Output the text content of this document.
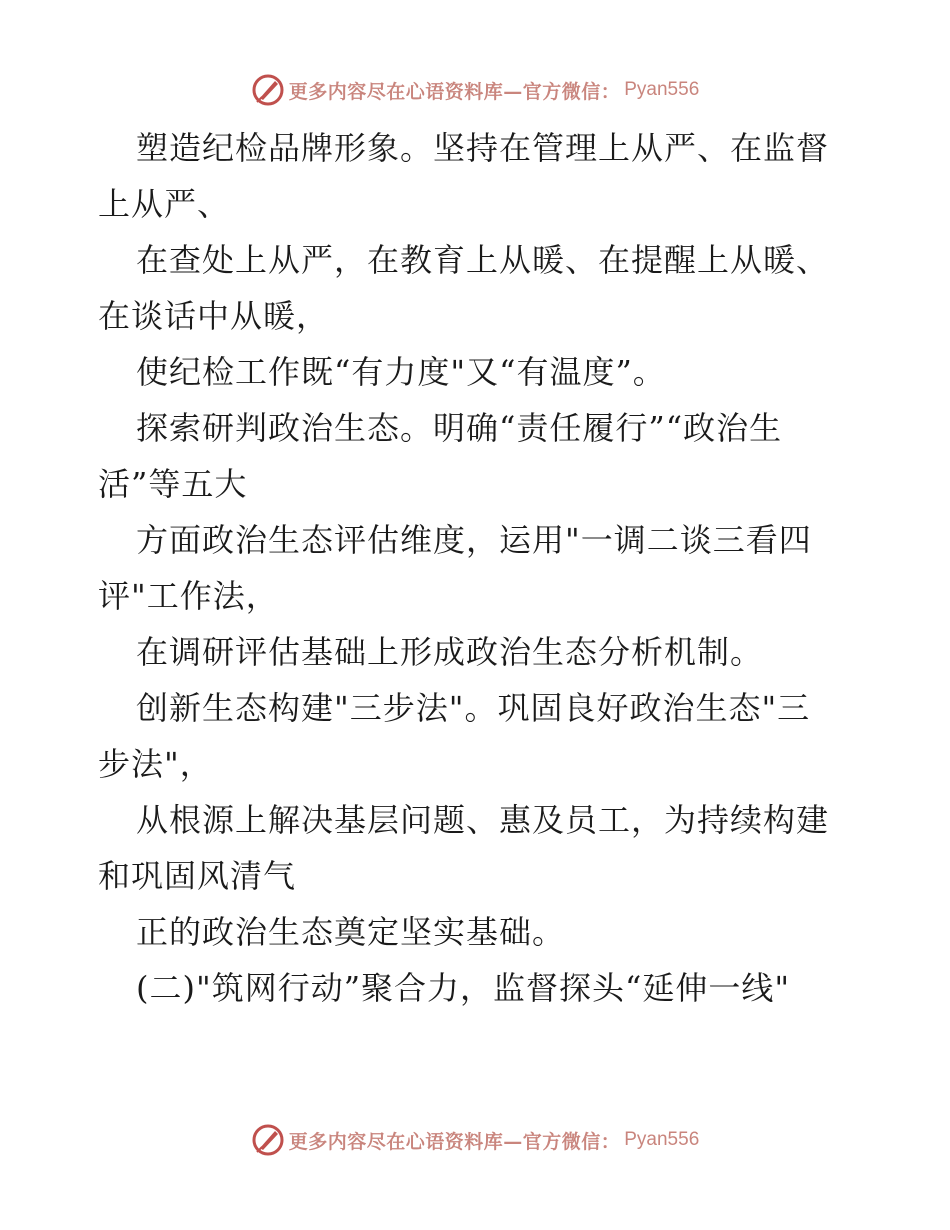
更多内容尽在心语资料库—官方微信： Pyan556
塑造纪检品牌形象。坚持在管理上从严、在监督
上从严、
在查处上从严，在教育上从暖、在提醒上从暖、
在谈话中从暖，
使纪检工作既“有力度"又“有温度”。
探索研判政治生态。明确“责任履行”“政治生
活”等五大
方面政治生态评估维度，运用"一调二谈三看四
评"工作法，
在调研评估基础上形成政治生态分析机制。
创新生态构建"三步法"。巩固良好政治生态"三
步法"，
从根源上解决基层问题、惠及员工，为持续构建
和巩固风清气
正的政治生态奠定坚实基础。
(二)"筑网行动”聚合力，监督探头“延伸一线"
更多内容尽在心语资料库—官方微信： Pyan556
